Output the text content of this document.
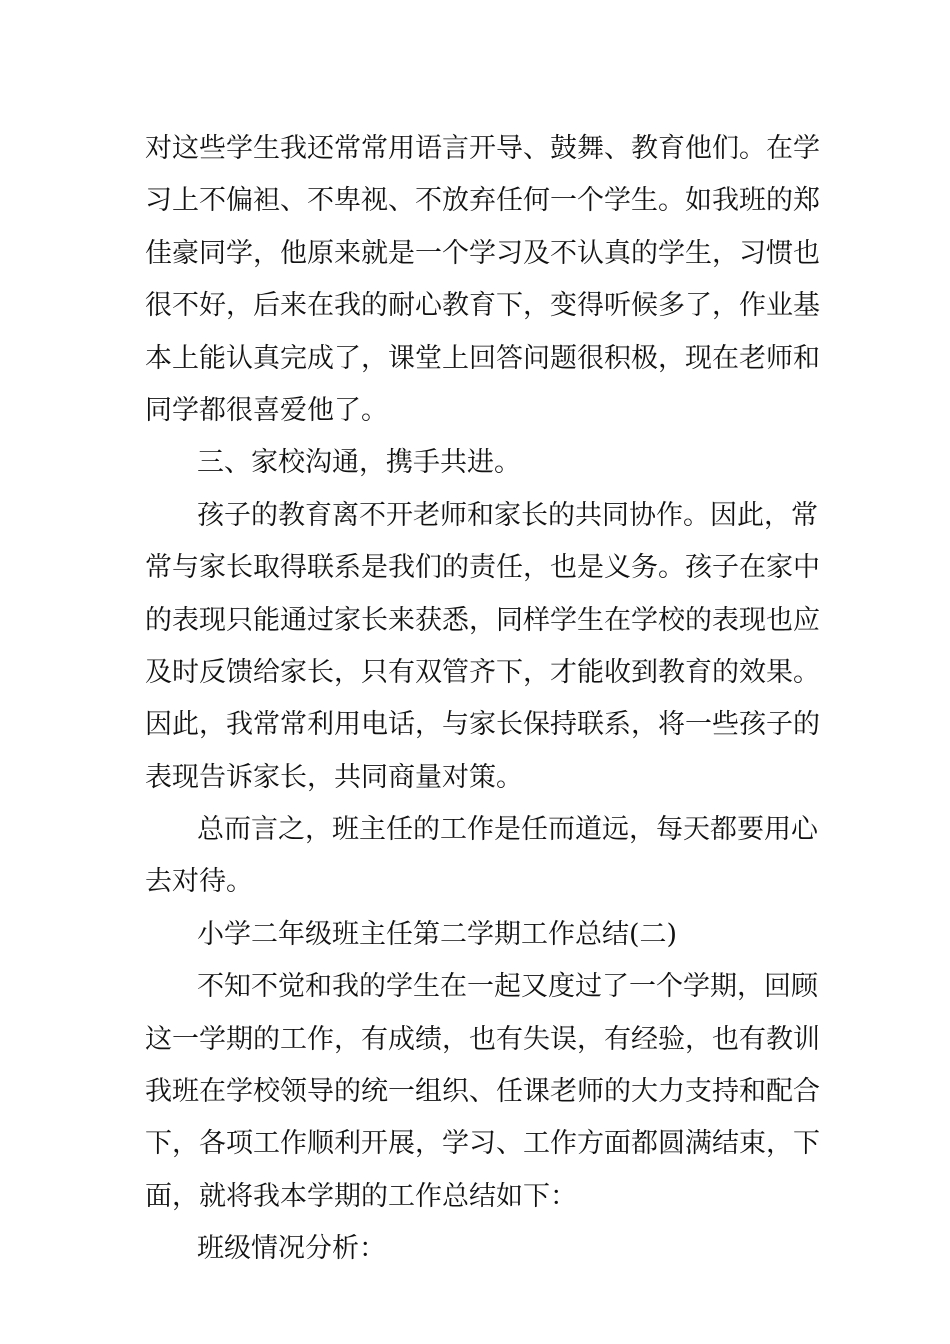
对这些学生我还常常用语言开导、鼓舞、教育他们。在学
习上不偏袒、不卑视、不放弃任何一个学生。如我班的郑
佳豪同学，他原来就是一个学习及不认真的学生，习惯也
很不好，后来在我的耐心教育下，变得听候多了，作业基
本上能认真完成了，课堂上回答问题很积极，现在老师和
同学都很喜爱他了。
三、家校沟通，携手共进。
孩子的教育离不开老师和家长的共同协作。因此，常
常与家长取得联系是我们的责任，也是义务。孩子在家中
的表现只能通过家长来获悉，同样学生在学校的表现也应
及时反馈给家长，只有双管齐下，才能收到教育的效果。
因此，我常常利用电话，与家长保持联系，将一些孩子的
表现告诉家长，共同商量对策。
总而言之，班主任的工作是任而道远，每天都要用心
去对待。
小学二年级班主任第二学期工作总结(二)
不知不觉和我的学生在一起又度过了一个学期，回顾
这一学期的工作，有成绩，也有失误，有经验，也有教训
我班在学校领导的统一组织、任课老师的大力支持和配合
下，各项工作顺利开展，学习、工作方面都圆满结束，下
面，就将我本学期的工作总结如下：
班级情况分析：
